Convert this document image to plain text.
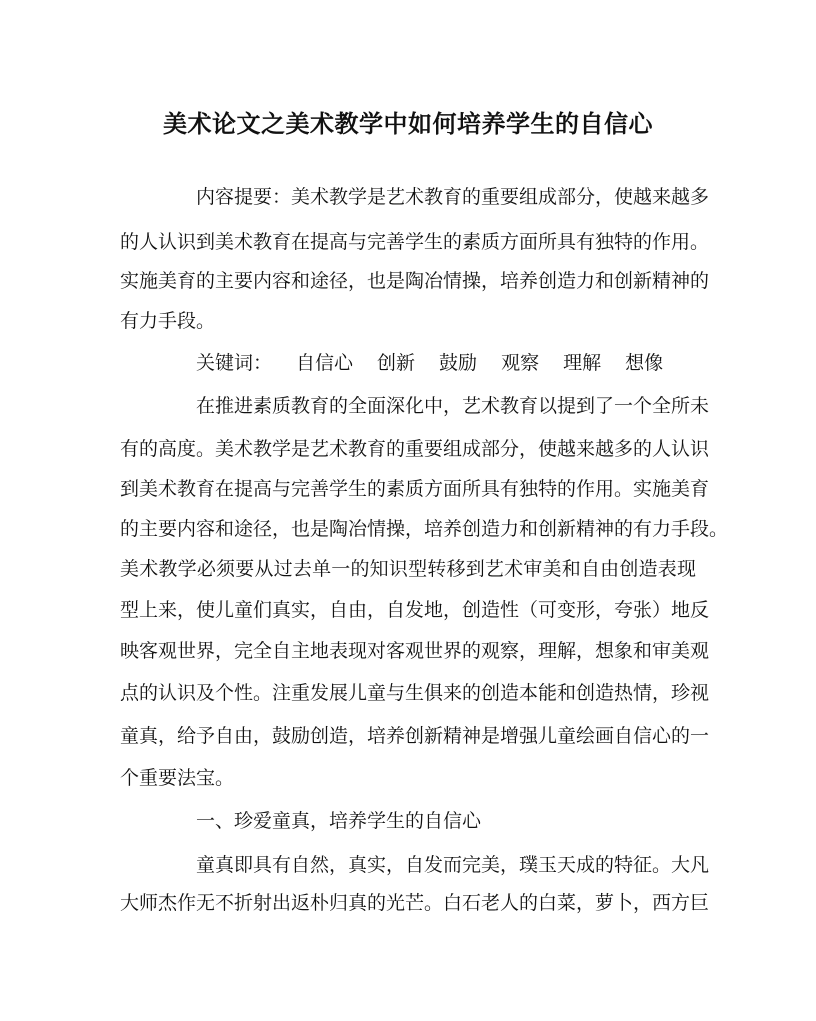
美术论文之美术教学中如何培养学生的自信心
内容提要：美术教学是艺术教育的重要组成部分，使越来越多
的人认识到美术教育在提高与完善学生的素质方面所具有独特的作用。
实施美育的主要内容和途径，也是陶冶情操，培养创造力和创新精神的
有力手段。
关键词： 自信心 创新 鼓励 观察 理解 想像
在推进素质教育的全面深化中，艺术教育以提到了一个全所未
有的高度。美术教学是艺术教育的重要组成部分，使越来越多的人认识
到美术教育在提高与完善学生的素质方面所具有独特的作用。实施美育
的主要内容和途径，也是陶冶情操，培养创造力和创新精神的有力手段。
美术教学必须要从过去单一的知识型转移到艺术审美和自由创造表现
型上来，使儿童们真实，自由，自发地，创造性（可变形，夸张）地反
映客观世界，完全自主地表现对客观世界的观察，理解，想象和审美观
点的认识及个性。注重发展儿童与生俱来的创造本能和创造热情，珍视
童真，给予自由，鼓励创造，培养创新精神是增强儿童绘画自信心的一
个重要法宝。
一、珍爱童真，培养学生的自信心
童真即具有自然，真实，自发而完美，璞玉天成的特征。大凡
大师杰作无不折射出返朴归真的光芒。白石老人的白菜，萝卜，西方巨
